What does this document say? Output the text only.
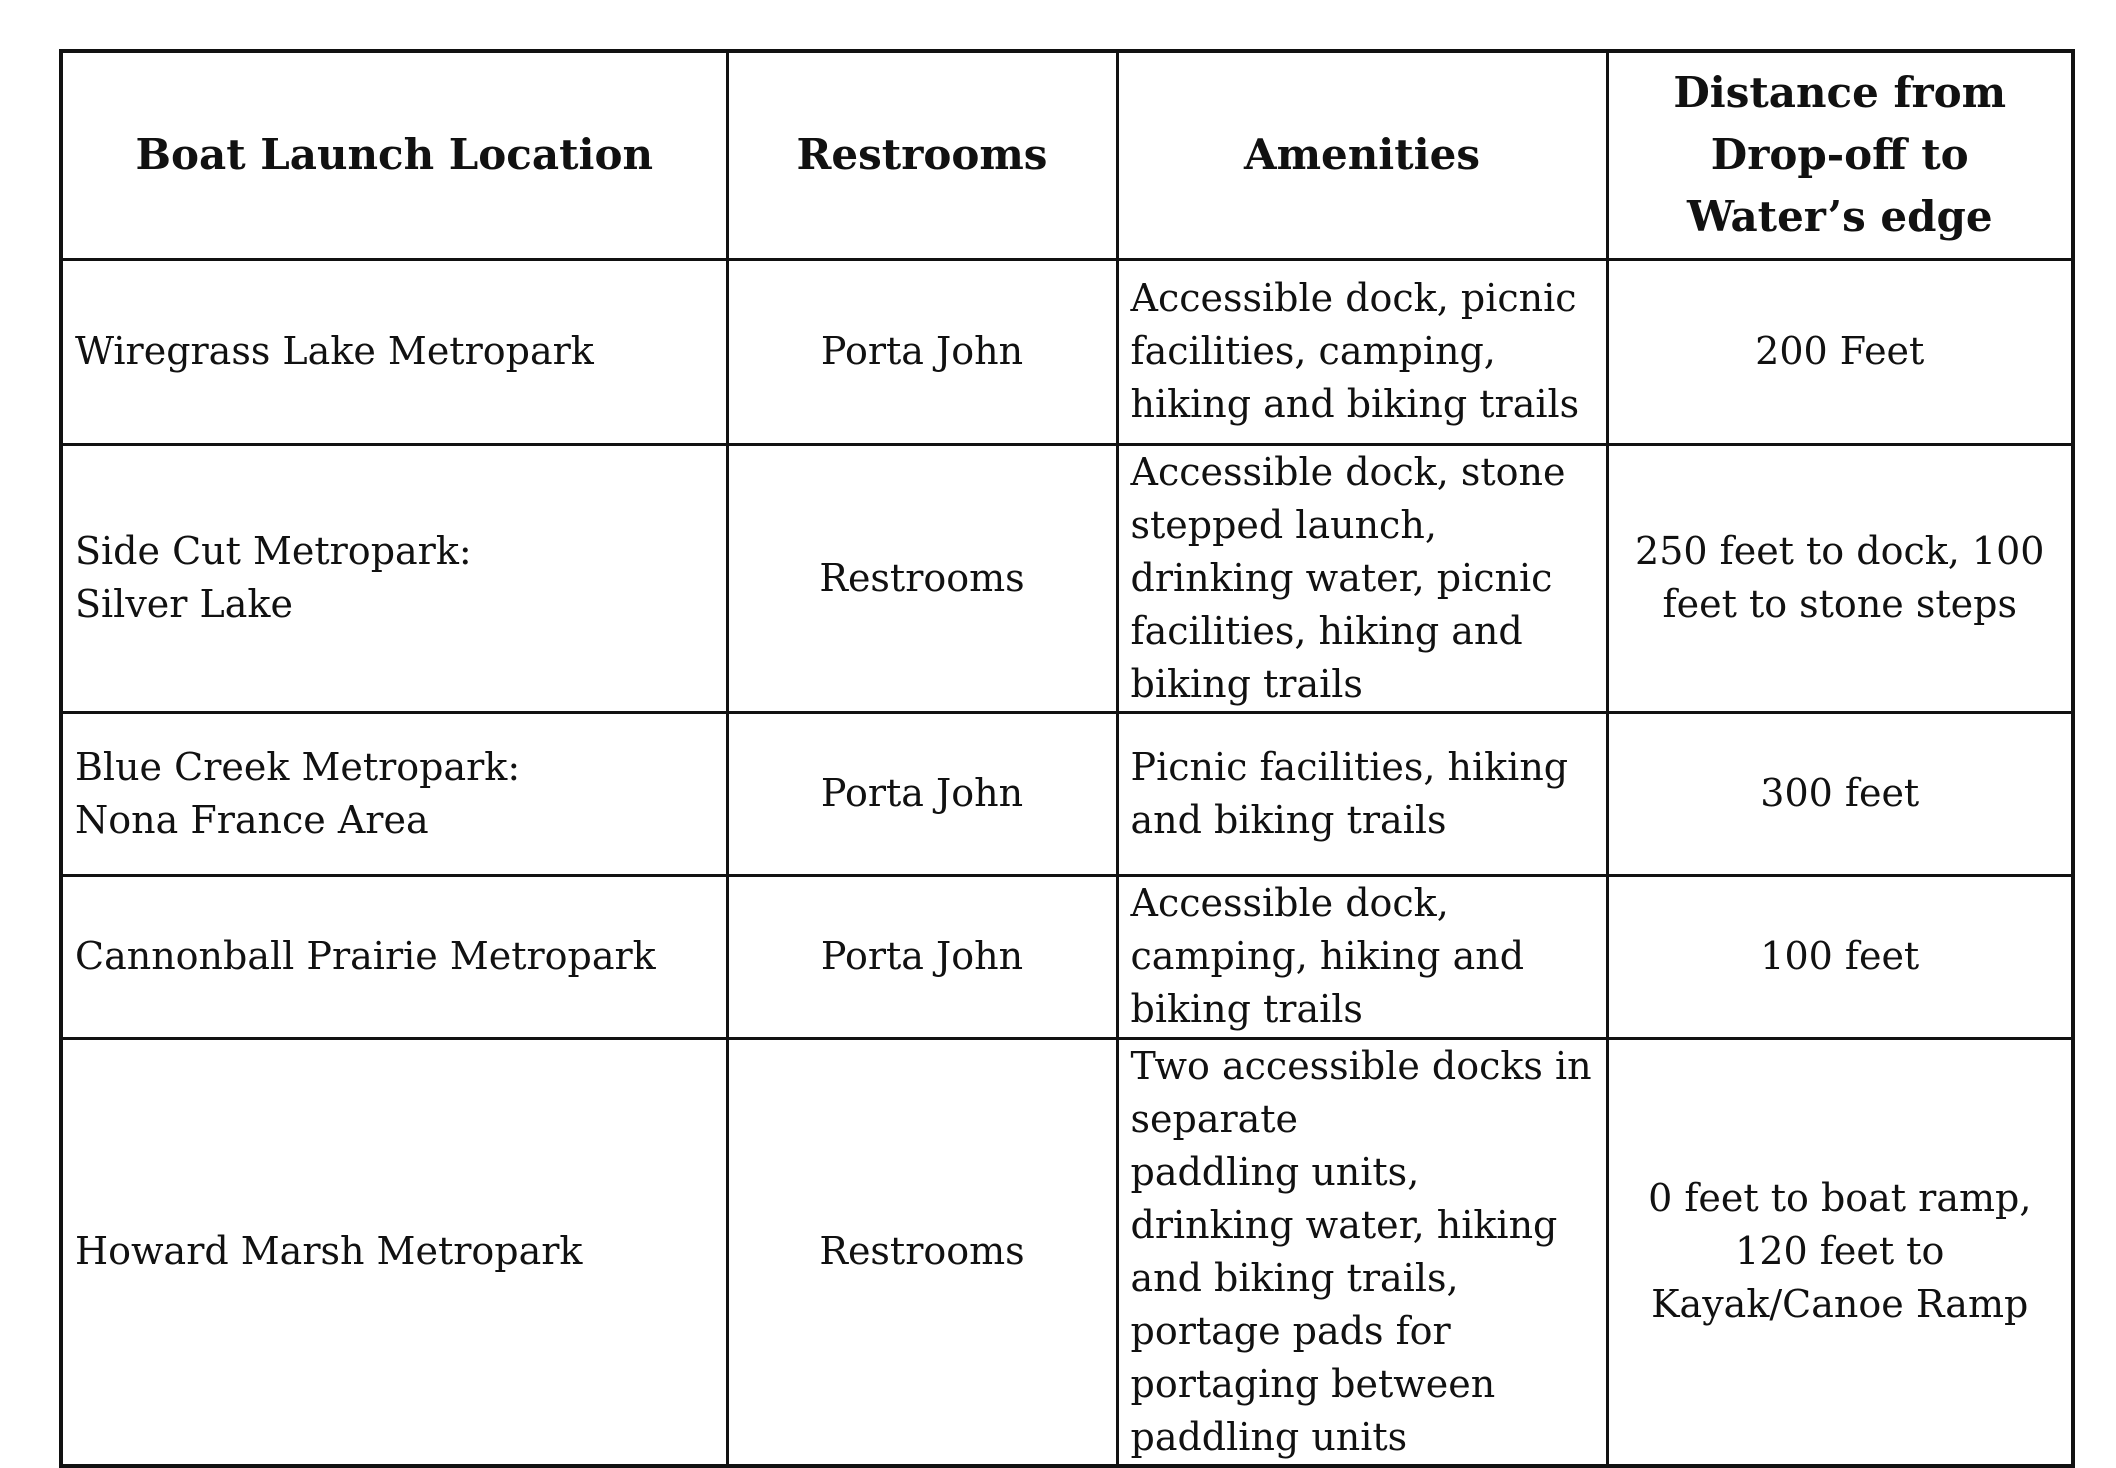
Boat Launch Location	Restrooms	Amenities	Distance from
Drop-off to
Water’s edge
Wiregrass Lake Metropark	Porta John	Accessible dock, picnic facilities, camping, hiking and biking trails	200 Feet
Side Cut Metropark:
Silver Lake	Restrooms	Accessible dock, stone stepped launch, drinking water, picnic facilities, hiking and biking trails	250 feet to dock, 100 feet to stone steps
Blue Creek Metropark:
Nona France Area	Porta John	Picnic facilities, hiking and biking trails	300 feet
Cannonball Prairie Metropark	Porta John	Accessible dock, camping, hiking and biking trails	100 feet
Howard Marsh Metropark	Restrooms	Two accessible docks in separate
paddling units, drinking water, hiking and biking trails, portage pads for portaging between paddling units	0 feet to boat ramp, 120 feet to Kayak/Canoe Ramp
